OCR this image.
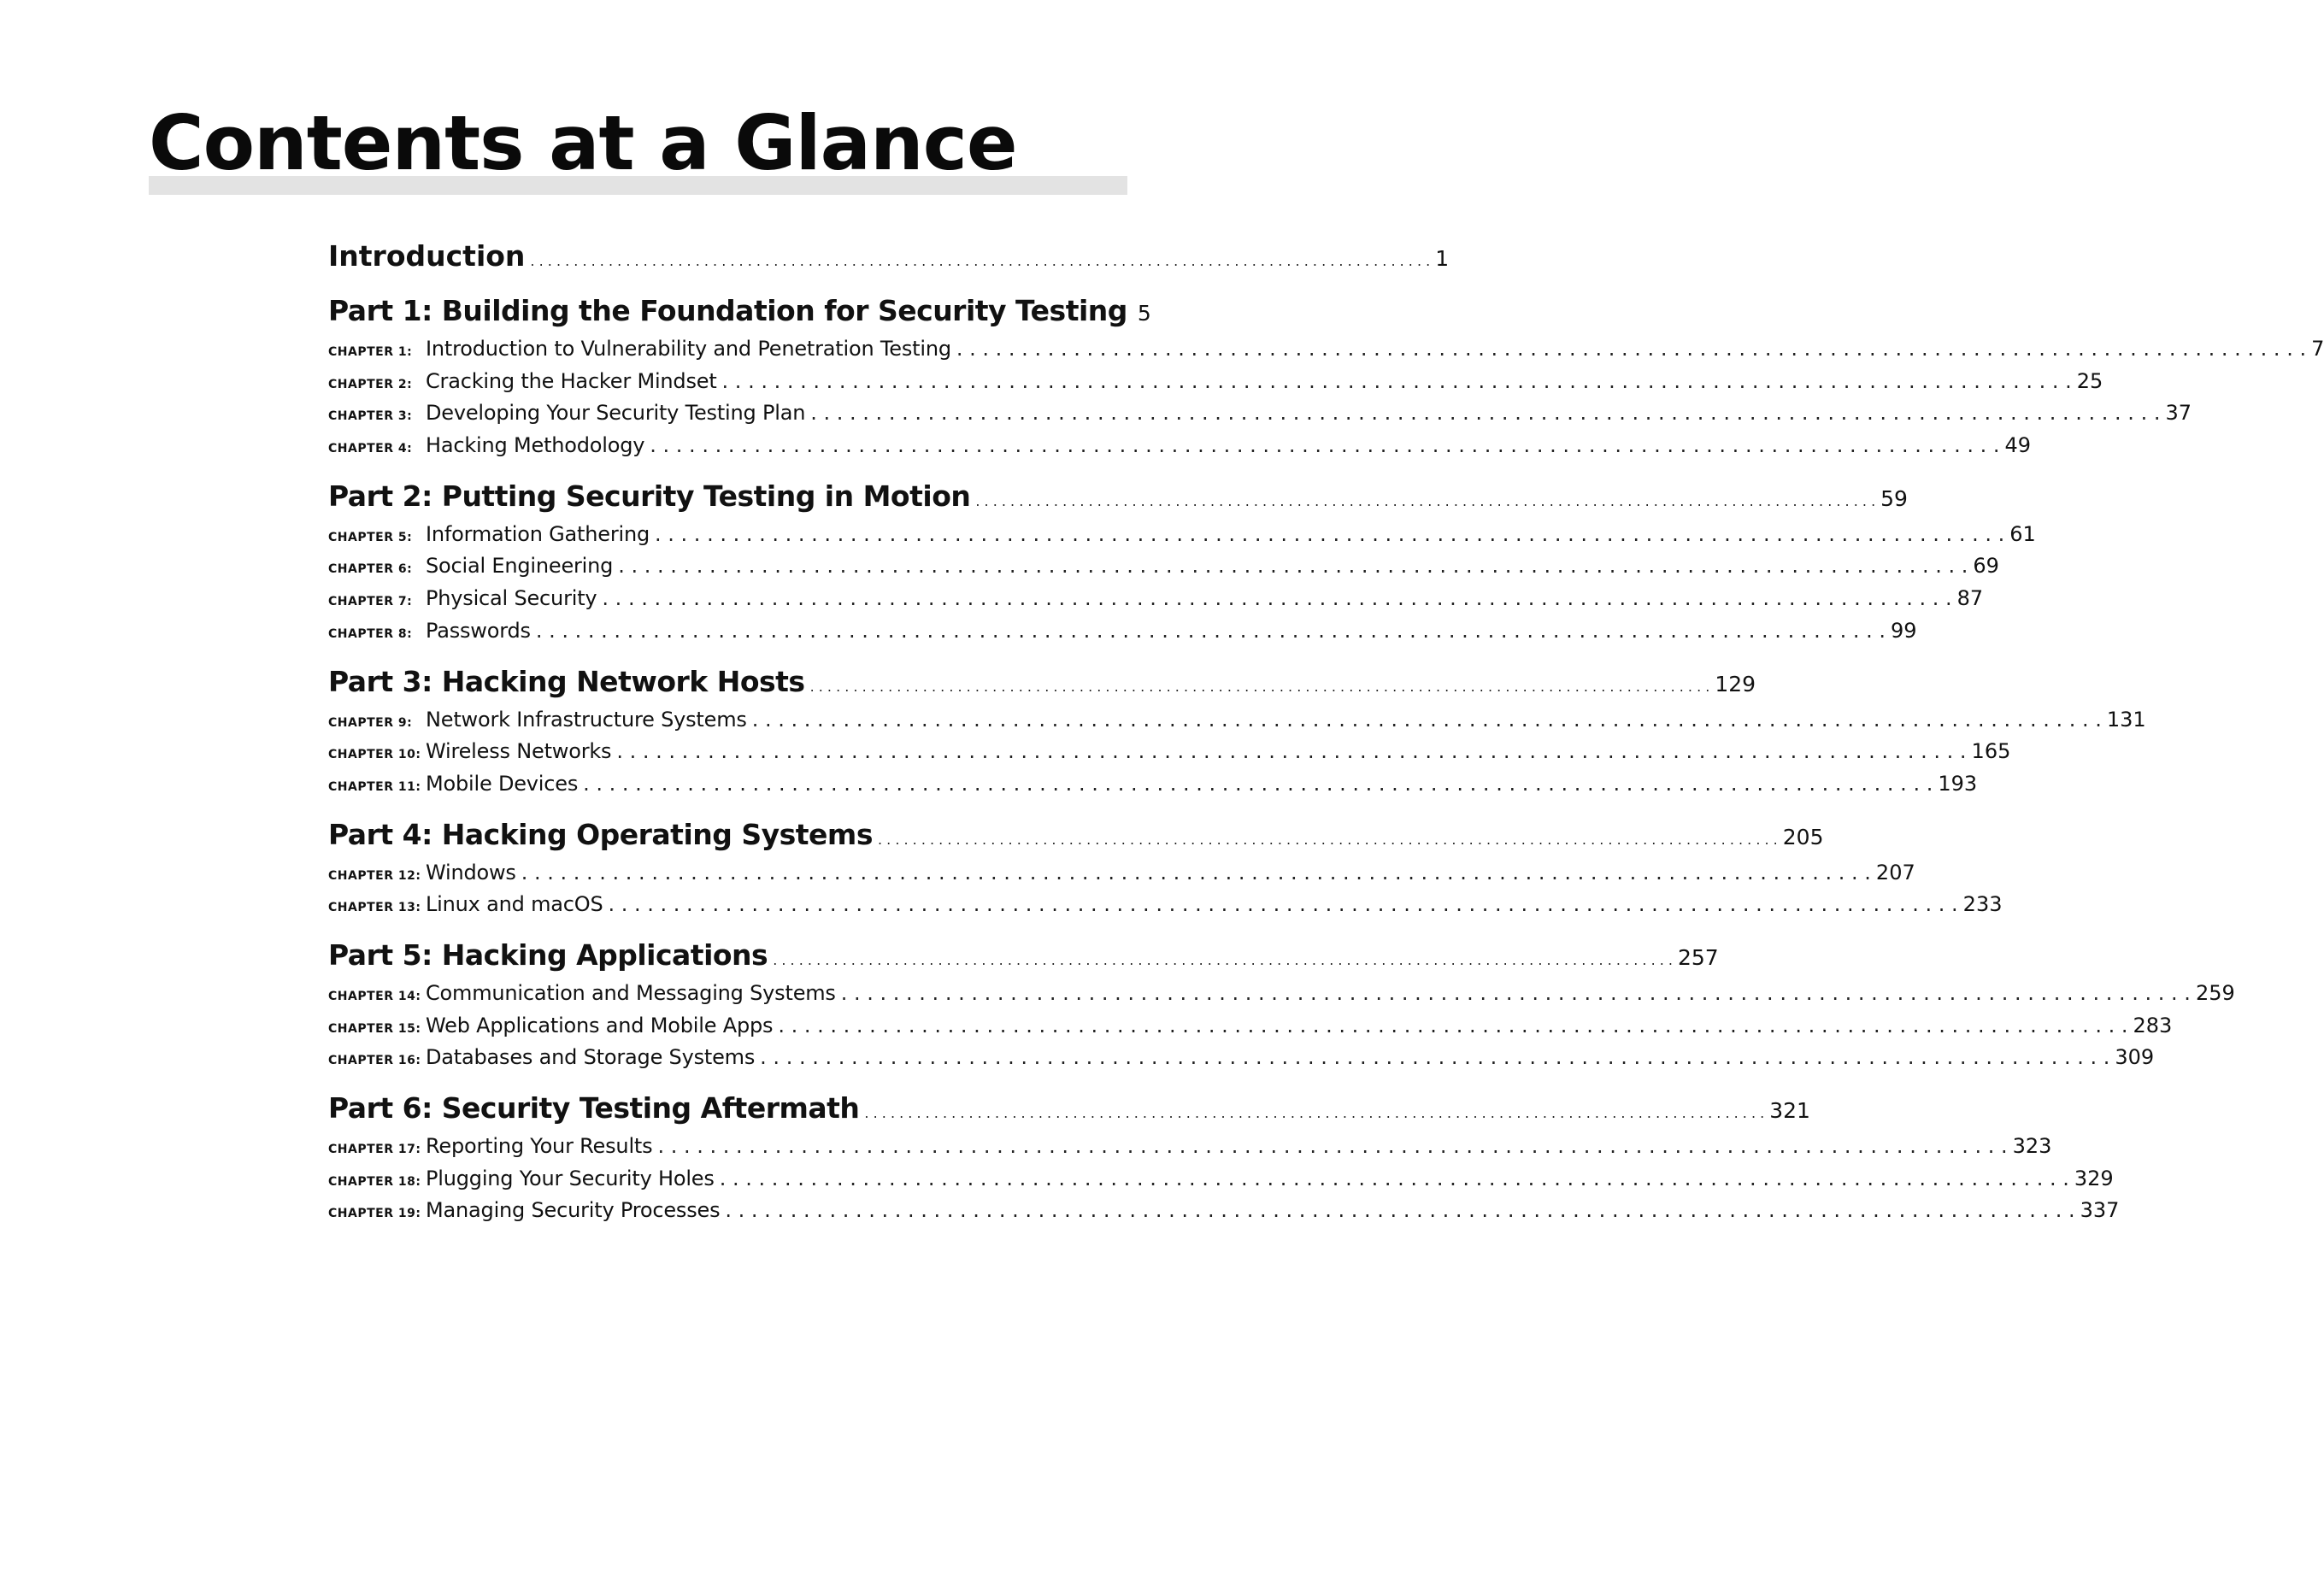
Contents at a Glance
Introduction . . .	1
Part 1: Building the Foundation for Security Testing 5
CHAPTER 1: Introduction to Vulnerability and Penetration Testing . . .	7
CHAPTER 2: Cracking the Hacker Mindset . . .	25
CHAPTER 3: Developing Your Security Testing Plan . . .	37
CHAPTER 4: Hacking Methodology . . .	49
Part 2: Putting Security Testing in Motion . . .	59
CHAPTER 5: Information Gathering . . .	61
CHAPTER 6: Social Engineering . . .	69
CHAPTER 7: Physical Security . . .	87
CHAPTER 8: Passwords . . .	99
Part 3: Hacking Network Hosts . . .	129
CHAPTER 9: Network Infrastructure Systems . . .	131
CHAPTER 10: Wireless Networks . . .	165
CHAPTER 11: Mobile Devices . . .	193
Part 4: Hacking Operating Systems . . .	205
CHAPTER 12: Windows . . .	207
CHAPTER 13: Linux and macOS . . .	233
Part 5: Hacking Applications . . .	257
CHAPTER 14: Communication and Messaging Systems . . .	259
CHAPTER 15: Web Applications and Mobile Apps . . .	283
CHAPTER 16: Databases and Storage Systems . . .	309
Part 6: Security Testing Aftermath . . .	321
CHAPTER 17: Reporting Your Results . . .	323
CHAPTER 18: Plugging Your Security Holes . . .	329
CHAPTER 19: Managing Security Processes . . .	337
